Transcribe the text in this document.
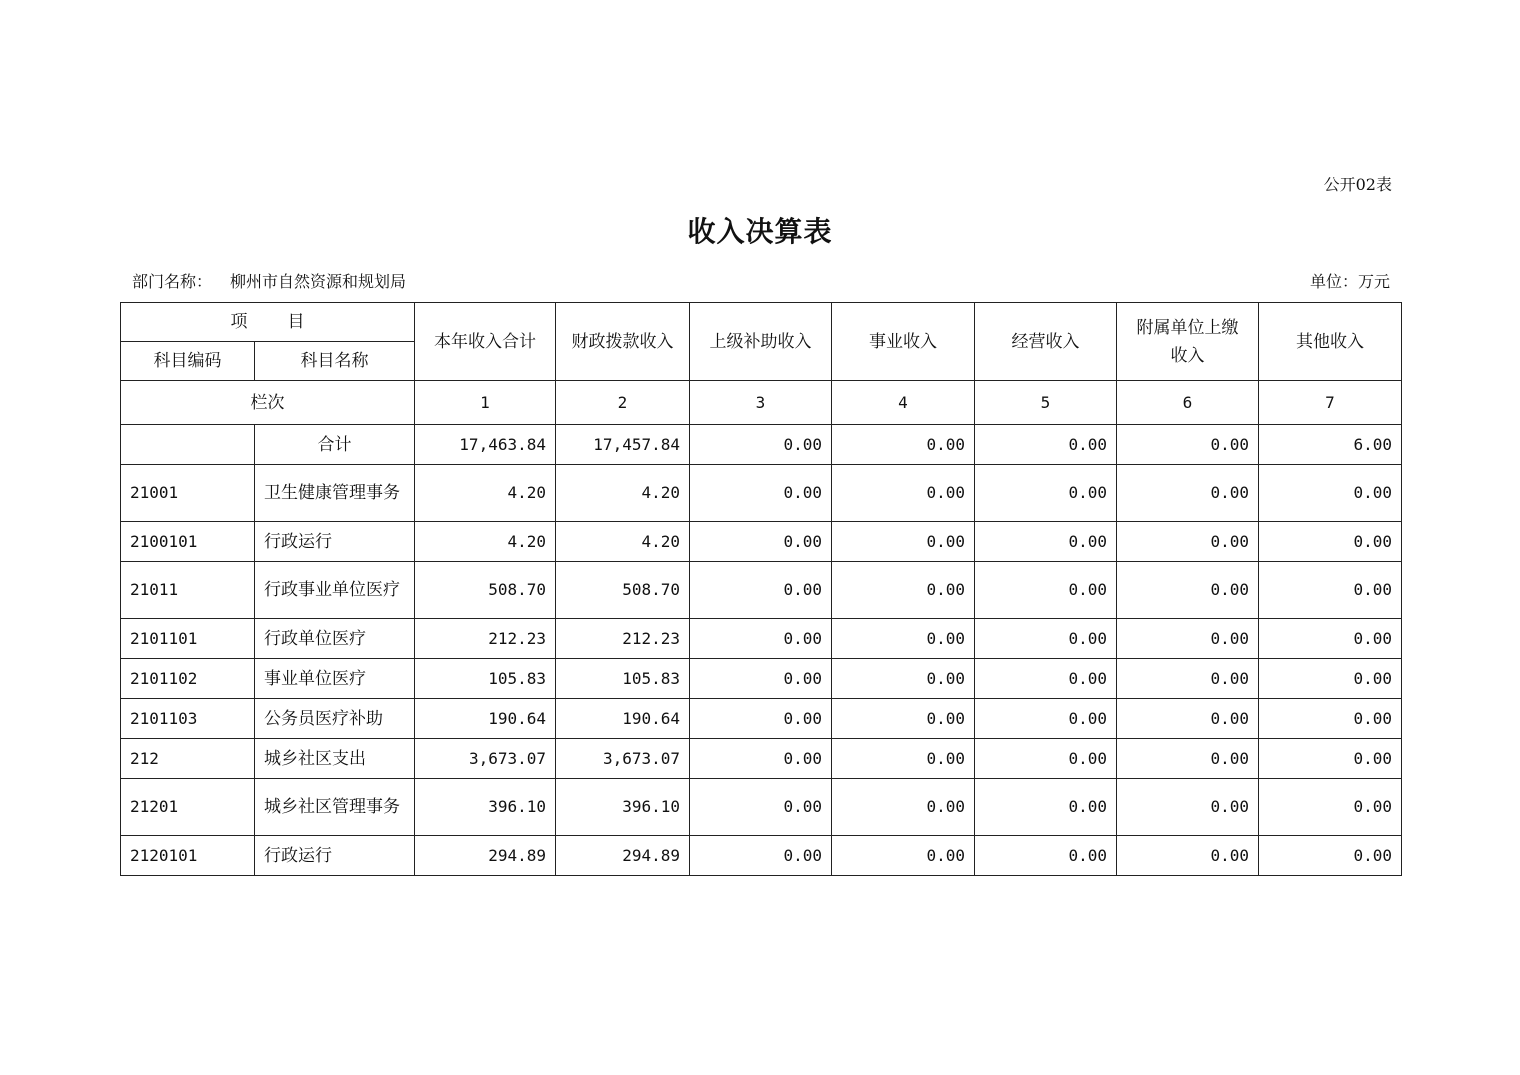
公开02表
收入决算表
部门名称： 柳州市自然资源和规划局	单位：万元
项 目		本年收入合计	财政拨款收入	上级补助收入	事业收入	经营收入	附属单位上缴收入	其他收入
科目编码	科目名称							
栏次		1	2	3	4	5	6	7
	合计	17,463.84	17,457.84	0.00	0.00	0.00	0.00	6.00
21001	卫生健康管理事务	4.20	4.20	0.00	0.00	0.00	0.00	0.00
2100101	行政运行	4.20	4.20	0.00	0.00	0.00	0.00	0.00
21011	行政事业单位医疗	508.70	508.70	0.00	0.00	0.00	0.00	0.00
2101101	行政单位医疗	212.23	212.23	0.00	0.00	0.00	0.00	0.00
2101102	事业单位医疗	105.83	105.83	0.00	0.00	0.00	0.00	0.00
2101103	公务员医疗补助	190.64	190.64	0.00	0.00	0.00	0.00	0.00
212	城乡社区支出	3,673.07	3,673.07	0.00	0.00	0.00	0.00	0.00
21201	城乡社区管理事务	396.10	396.10	0.00	0.00	0.00	0.00	0.00
2120101	行政运行	294.89	294.89	0.00	0.00	0.00	0.00	0.00
